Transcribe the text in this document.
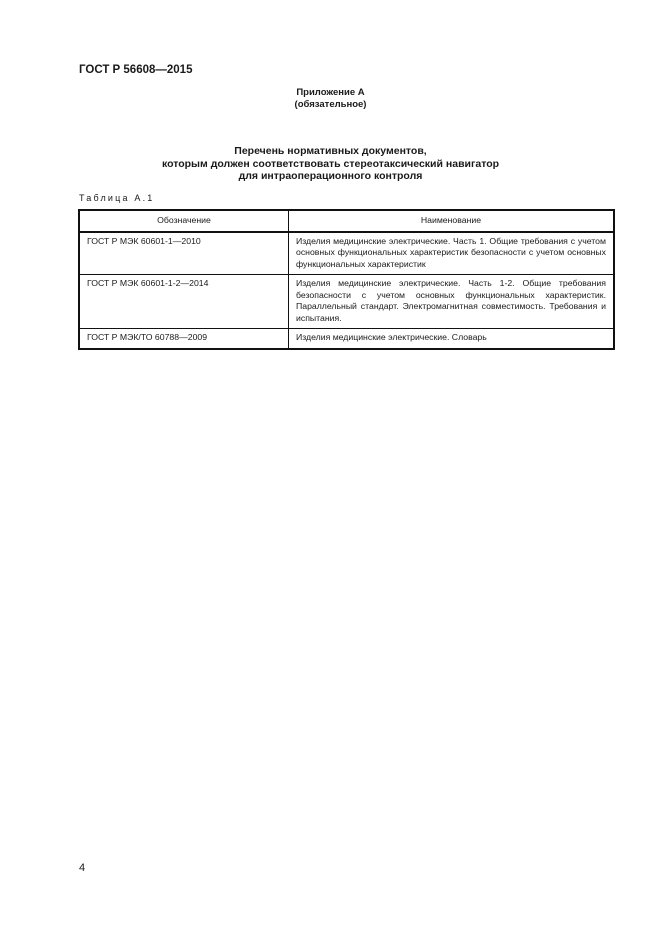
ГОСТ Р 56608—2015
Приложение А
(обязательное)
Перечень нормативных документов,
которым должен соответствовать стереотаксический навигатор
для интраоперационного контроля
Таблица А.1
Обозначение	Наименование
ГОСТ Р МЭК 60601-1—2010	Изделия медицинские электрические. Часть 1. Общие требования с учетом основных функциональных характеристик безопасности с учетом основных функциональных характеристик
ГОСТ Р МЭК 60601-1-2—2014	Изделия медицинские электрические. Часть 1-2. Общие требования безопасности с учетом основных функциональных характеристик. Параллельный стандарт. Электромагнитная совместимость. Требования и испытания.
ГОСТ Р МЭК/ТО 60788—2009	Изделия медицинские электрические. Словарь
4
